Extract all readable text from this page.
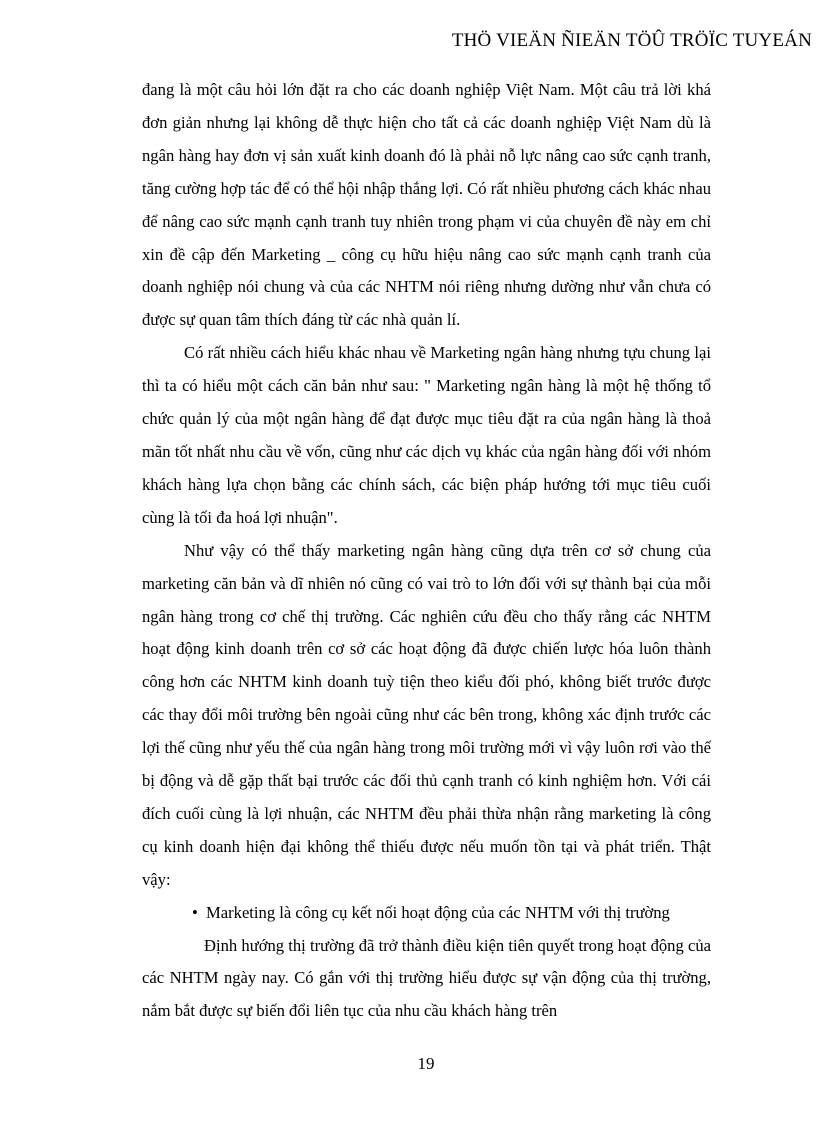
THÖ VIEÄN ÑIEÄN TÖÛ TRÖÏC TUYEÁN

đang là một câu hỏi lớn đặt ra cho các doanh nghiệp Việt Nam. Một câu trả lời khá đơn giản nhưng lại không dễ thực hiện cho tất cả các doanh nghiệp Việt Nam dù là ngân hàng hay đơn vị sản xuất kinh doanh đó là phải nỗ lực nâng cao sức cạnh tranh, tăng cường hợp tác để có thể hội nhập thắng lợi. Có rất nhiều phương cách khác nhau để nâng cao sức mạnh cạnh tranh tuy nhiên trong phạm vi của chuyên đề này em chỉ xin đề cập đến Marketing _ công cụ hữu hiệu nâng cao sức mạnh cạnh tranh của doanh nghiệp nói chung và của các NHTM nói riêng nhưng dường như vẫn chưa có được sự quan tâm thích đáng từ các nhà quản lí.

Có rất nhiều cách hiểu khác nhau về Marketing ngân hàng nhưng tựu chung lại thì ta có hiểu một cách căn bản như sau: " Marketing ngân hàng là một hệ thống tổ chức quản lý của một ngân hàng để đạt được mục tiêu đặt ra của ngân hàng là thoả mãn tốt nhất nhu cầu về vốn, cũng như các dịch vụ khác của ngân hàng đối với nhóm khách hàng lựa chọn bằng các chính sách, các biện pháp hướng tới mục tiêu cuối cùng là tối đa hoá lợi nhuận".

Như vậy có thể thấy marketing ngân hàng cũng dựa trên cơ sở chung của marketing căn bản và dĩ nhiên nó cũng có vai trò to lớn đối với sự thành bại của mỗi ngân hàng trong cơ chế thị trường. Các nghiên cứu đều cho thấy rằng các NHTM hoạt động kinh doanh trên cơ sở các hoạt động đã được chiến lược hóa luôn thành công hơn các NHTM kinh doanh tuỳ tiện theo kiểu đối phó, không biết trước được các thay đổi môi trường bên ngoài cũng như các bên trong, không xác định trước các lợi thế cũng như yếu thế của ngân hàng trong môi trường mới vì vậy luôn rơi vào thế bị động và dễ gặp thất bại trước các đối thủ cạnh tranh có kinh nghiệm hơn. Với cái đích cuối cùng là lợi nhuận, các NHTM đều phải thừa nhận rằng marketing là công cụ kinh doanh hiện đại không thể thiếu được nếu muốn tồn tại và phát triển. Thật vậy:

• Marketing là công cụ kết nối hoạt động của các NHTM với thị trường

Định hướng thị trường đã trở thành điều kiện tiên quyết trong hoạt động của các NHTM ngày nay. Có gắn với thị trường hiểu được sự vận động của thị trường, nắm bắt được sự biến đổi liên tục của nhu cầu khách hàng trên

19
